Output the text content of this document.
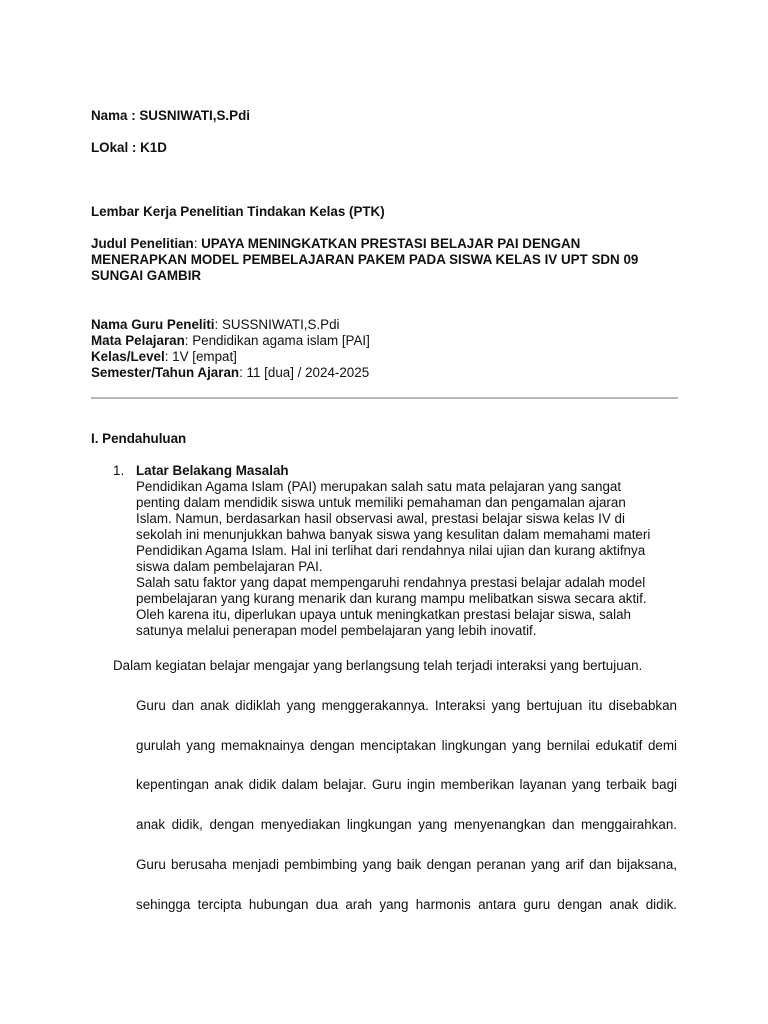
Nama : SUSNIWATI,S.Pdi
LOkal : K1D
Lembar Kerja Penelitian Tindakan Kelas (PTK)
Judul Penelitian: UPAYA MENINGKATKAN PRESTASI BELAJAR PAI DENGAN
MENERAPKAN MODEL PEMBELAJARAN PAKEM PADA SISWA KELAS IV UPT SDN 09
SUNGAI GAMBIR
Nama Guru Peneliti: SUSSNIWATI,S.Pdi
Mata Pelajaran: Pendidikan agama islam [PAI]
Kelas/Level: 1V [empat]
Semester/Tahun Ajaran: 11 [dua] / 2024-2025
I. Pendahuluan
1. Latar Belakang Masalah
Pendidikan Agama Islam (PAI) merupakan salah satu mata pelajaran yang sangat
penting dalam mendidik siswa untuk memiliki pemahaman dan pengamalan ajaran
Islam. Namun, berdasarkan hasil observasi awal, prestasi belajar siswa kelas IV di
sekolah ini menunjukkan bahwa banyak siswa yang kesulitan dalam memahami materi
Pendidikan Agama Islam. Hal ini terlihat dari rendahnya nilai ujian dan kurang aktifnya
siswa dalam pembelajaran PAI.
Salah satu faktor yang dapat mempengaruhi rendahnya prestasi belajar adalah model
pembelajaran yang kurang menarik dan kurang mampu melibatkan siswa secara aktif.
Oleh karena itu, diperlukan upaya untuk meningkatkan prestasi belajar siswa, salah
satunya melalui penerapan model pembelajaran yang lebih inovatif.
Dalam kegiatan belajar mengajar yang berlangsung telah terjadi interaksi yang bertujuan.
Guru dan anak didiklah yang menggerakannya. Interaksi yang bertujuan itu disebabkan
gurulah yang memaknainya dengan menciptakan lingkungan yang bernilai edukatif demi
kepentingan anak didik dalam belajar. Guru ingin memberikan layanan yang terbaik bagi
anak didik, dengan menyediakan lingkungan yang menyenangkan dan menggairahkan.
Guru berusaha menjadi pembimbing yang baik dengan peranan yang arif dan bijaksana,
sehingga tercipta hubungan dua arah yang harmonis antara guru dengan anak didik.
